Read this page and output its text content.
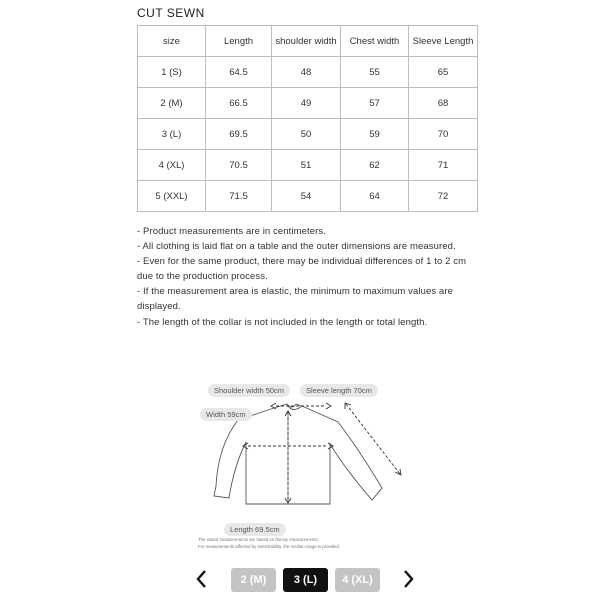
CUT SEWN
size	Length	shoulder width	Chest width	Sleeve Length
1 (S)	64.5	48	55	65
2 (M)	66.5	49	57	68
3 (L)	69.5	50	59	70
4 (XL)	70.5	51	62	71
5 (XXL)	71.5	54	64	72
- Product measurements are in centimeters.
- All clothing is laid flat on a table and the outer dimensions are measured.
- Even for the same product, there may be individual differences of 1 to 2 cm due to the production process.
- If the measurement area is elastic, the minimum to maximum values are displayed.
- The length of the collar is not included in the length or total length.
Shoulder width 50cm	Sleeve length 70cm
Width 59cm
Length 69.5cm
The stated measurements are based on flat-lay measurements.
For measurements affected by stretchability, the median range is provided.
2 (M)	3 (L)	4 (XL)
